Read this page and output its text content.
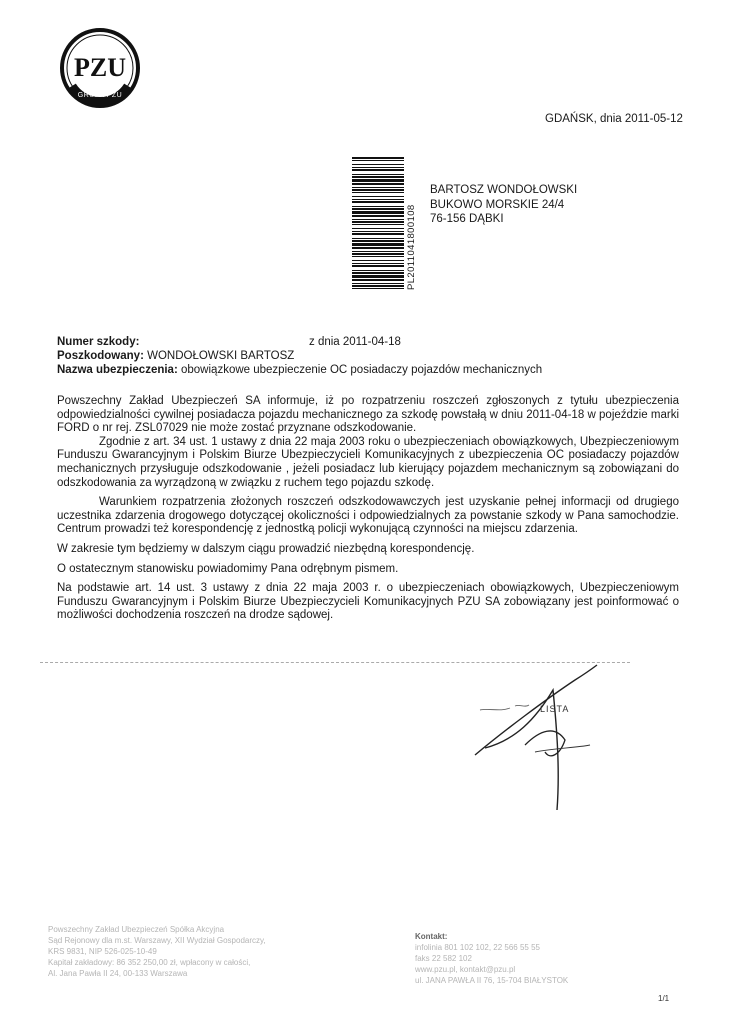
PZU
GRUPA PZU
GDAŃSK, dnia 2011-05-12
PL2011041800108
BARTOSZ WONDOŁOWSKI
BUKOWO MORSKIE 24/4
76-156 DĄBKI
Numer szkody:	z dnia 2011-04-18
Poszkodowany: WONDOŁOWSKI BARTOSZ
Nazwa ubezpieczenia: obowiązkowe ubezpieczenie OC posiadaczy pojazdów mechanicznych

Powszechny Zakład Ubezpieczeń SA informuje, iż po rozpatrzeniu roszczeń zgłoszonych z tytułu ubezpieczenia odpowiedzialności cywilnej posiadacza pojazdu mechanicznego za szkodę powstałą w dniu 2011-04-18 w pojeździe marki FORD o nr rej. ZSL07029 nie może zostać przyznane odszkodowanie.

Zgodnie z art. 34 ust. 1 ustawy z dnia 22 maja 2003 roku o ubezpieczeniach obowiązkowych, Ubezpieczeniowym Funduszu Gwarancyjnym i Polskim Biurze Ubezpieczycieli Komunikacyjnych z ubezpieczenia OC posiadaczy pojazdów mechanicznych przysługuje odszkodowanie , jeżeli posiadacz lub kierujący pojazdem mechanicznym są zobowiązani do odszkodowania za wyrządzoną w związku z ruchem tego pojazdu szkodę.

Warunkiem rozpatrzenia złożonych roszczeń odszkodowawczych jest uzyskanie pełnej informacji od drugiego uczestnika zdarzenia drogowego dotyczącej okoliczności i odpowiedzialnych za powstanie szkody w Pana samochodzie. Centrum prowadzi też korespondencję z jednostką policji wykonującą czynności na miejscu zdarzenia.

W zakresie tym będziemy w dalszym ciągu prowadzić niezbędną korespondencję.

O ostatecznym stanowisku powiadomimy Pana odrębnym pismem.

Na podstawie art. 14 ust. 3 ustawy z dnia 22 maja 2003 r. o ubezpieczeniach obowiązkowych, Ubezpieczeniowym Funduszu Gwarancyjnym i Polskim Biurze Ubezpieczycieli Komunikacyjnych PZU SA zobowiązany jest poinformować o możliwości dochodzenia roszczeń na drodze sądowej.

LISTA
Powszechny Zakład Ubezpieczeń Spółka Akcyjna
Sąd Rejonowy dla m.st. Warszawy, XII Wydział Gospodarczy,
KRS 9831, NIP 526-025-10-49
Kapitał zakładowy: 86 352 250,00 zł, wpłacony w całości,
Al. Jana Pawła II 24, 00-133 Warszawa
Kontakt:
infolinia 801 102 102, 22 566 55 55
faks 22 582 102
www.pzu.pl, kontakt@pzu.pl
ul. JANA PAWŁA II 76, 15-704 BIAŁYSTOK
1/1
